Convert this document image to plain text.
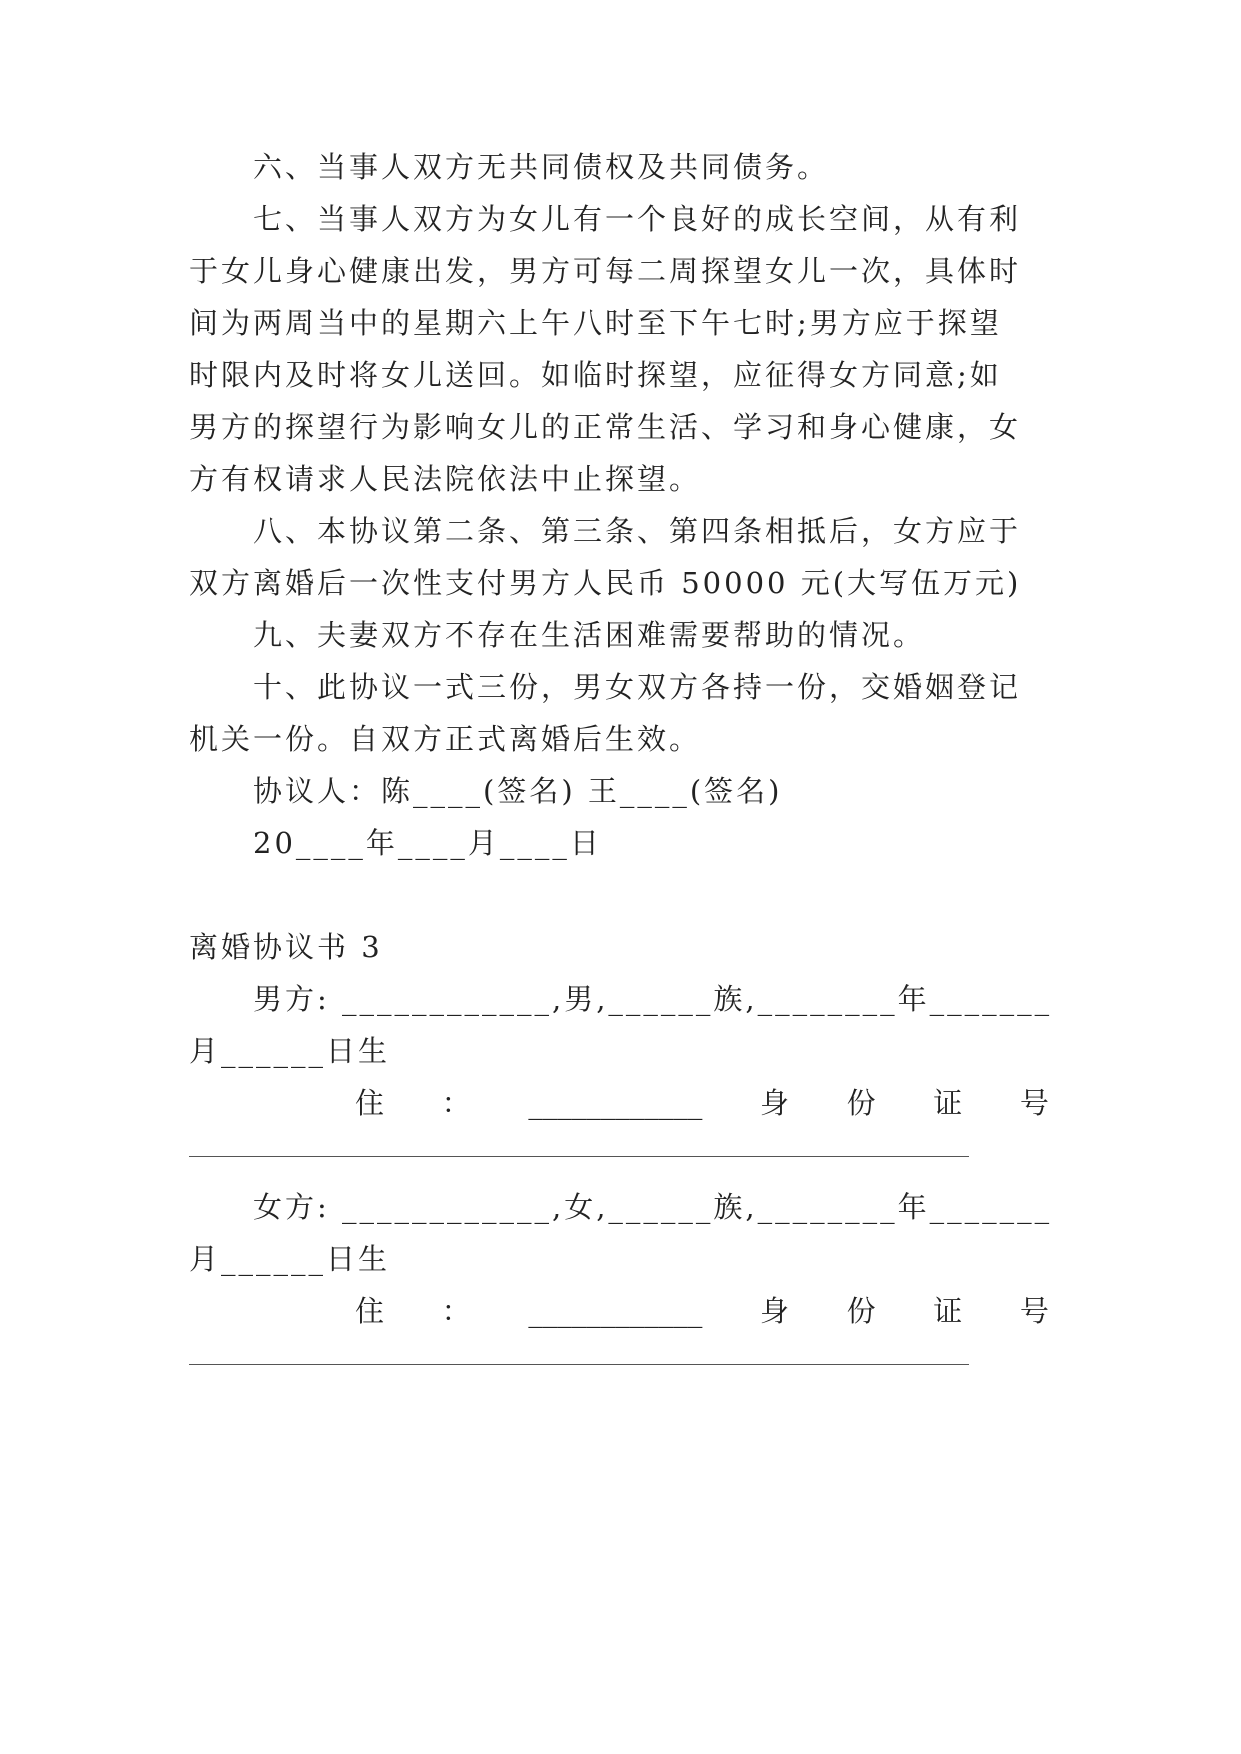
六、当事人双方无共同债权及共同债务。
七、当事人双方为女儿有一个良好的成长空间，从有利
于女儿身心健康出发，男方可每二周探望女儿一次，具体时
间为两周当中的星期六上午八时至下午七时;男方应于探望
时限内及时将女儿送回。如临时探望，应征得女方同意;如
男方的探望行为影响女儿的正常生活、学习和身心健康，女
方有权请求人民法院依法中止探望。
八、本协议第二条、第三条、第四条相抵后，女方应于
双方离婚后一次性支付男方人民币 50000 元(大写伍万元)
九、夫妻双方不存在生活困难需要帮助的情况。
十、此协议一式三份，男女双方各持一份，交婚姻登记
机关一份。自双方正式离婚后生效。
协议人：陈____(签名) 王____(签名)
20____年____月____日
离婚协议书 3
男方: ____________,男,______族,________年_______
月______日生
住 ： ____________ 身 份 证 号
女方: ____________,女,______族,________年_______
月______日生
住 ： ____________ 身 份 证 号
